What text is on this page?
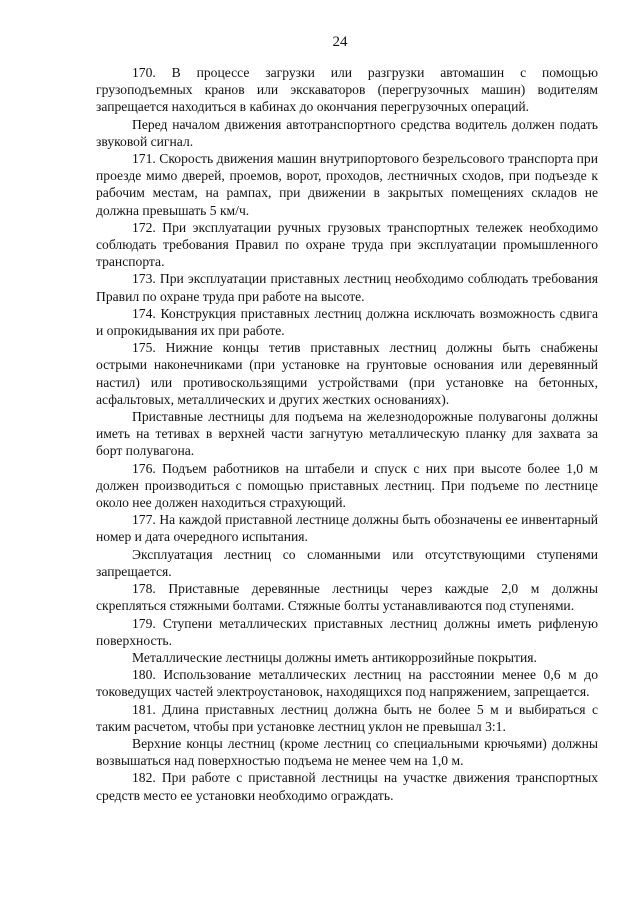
24

170. В процессе загрузки или разгрузки автомашин с помощью грузоподъемных кранов или экскаваторов (перегрузочных машин) водителям запрещается находиться в кабинах до окончания перегрузочных операций.

Перед началом движения автотранспортного средства водитель должен подать звуковой сигнал.

171. Скорость движения машин внутрипортового безрельсового транспорта при проезде мимо дверей, проемов, ворот, проходов, лестничных сходов, при подъезде к рабочим местам, на рампах, при движении в закрытых помещениях складов не должна превышать 5 км/ч.

172. При эксплуатации ручных грузовых транспортных тележек необходимо соблюдать требования Правил по охране труда при эксплуатации промышленного транспорта.

173. При эксплуатации приставных лестниц необходимо соблюдать требования Правил по охране труда при работе на высоте.

174. Конструкция приставных лестниц должна исключать возможность сдвига и опрокидывания их при работе.

175. Нижние концы тетив приставных лестниц должны быть снабжены острыми наконечниками (при установке на грунтовые основания или деревянный настил) или противоскользящими устройствами (при установке на бетонных, асфальтовых, металлических и других жестких основаниях).

Приставные лестницы для подъема на железнодорожные полувагоны должны иметь на тетивах в верхней части загнутую металлическую планку для захвата за борт полувагона.

176. Подъем работников на штабели и спуск с них при высоте более 1,0 м должен производиться с помощью приставных лестниц. При подъеме по лестнице около нее должен находиться страхующий.

177. На каждой приставной лестнице должны быть обозначены ее инвентарный номер и дата очередного испытания.

Эксплуатация лестниц со сломанными или отсутствующими ступенями запрещается.

178. Приставные деревянные лестницы через каждые 2,0 м должны скрепляться стяжными болтами. Стяжные болты устанавливаются под ступенями.

179. Ступени металлических приставных лестниц должны иметь рифленую поверхность.

Металлические лестницы должны иметь антикоррозийные покрытия.

180. Использование металлических лестниц на расстоянии менее 0,6 м до токоведущих частей электроустановок, находящихся под напряжением, запрещается.

181. Длина приставных лестниц должна быть не более 5 м и выбираться с таким расчетом, чтобы при установке лестниц уклон не превышал 3:1.

Верхние концы лестниц (кроме лестниц со специальными крючьями) должны возвышаться над поверхностью подъема не менее чем на 1,0 м.

182. При работе с приставной лестницы на участке движения транспортных средств место ее установки необходимо ограждать.
